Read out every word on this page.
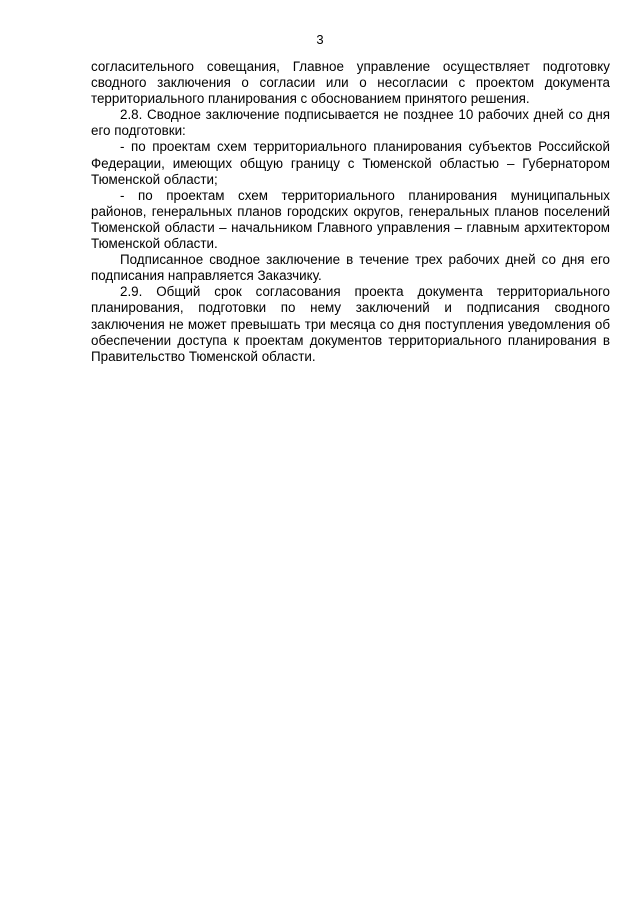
3

согласительного совещания, Главное управление осуществляет подготовку сводного заключения о согласии или о несогласии с проектом документа территориального планирования с обоснованием принятого решения.

2.8. Сводное заключение подписывается не позднее 10 рабочих дней со дня его подготовки:

- по проектам схем территориального планирования субъектов Российской Федерации, имеющих общую границу с Тюменской областью – Губернатором Тюменской области;

- по проектам схем территориального планирования муниципальных районов, генеральных планов городских округов, генеральных планов поселений Тюменской области – начальником Главного управления – главным архитектором Тюменской области.

Подписанное сводное заключение в течение трех рабочих дней со дня его подписания направляется Заказчику.

2.9. Общий срок согласования проекта документа территориального планирования, подготовки по нему заключений и подписания сводного заключения не может превышать три месяца со дня поступления уведомления об обеспечении доступа к проектам документов территориального планирования в Правительство Тюменской области.
